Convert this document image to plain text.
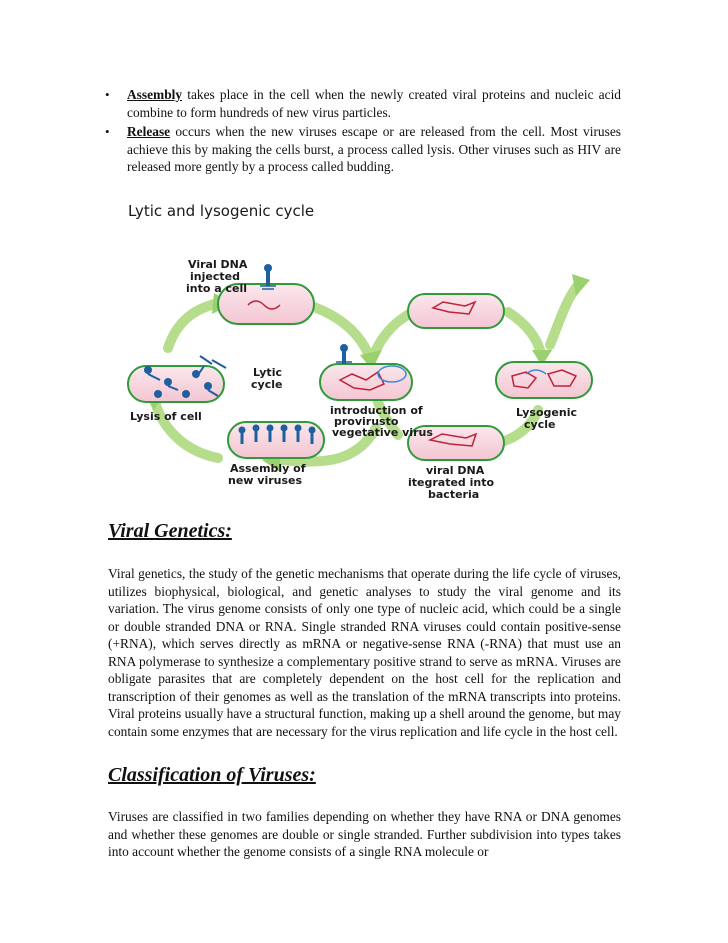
• Assembly takes place in the cell when the newly created viral proteins and nucleic acid combine to form hundreds of new virus particles.
• Release occurs when the new viruses escape or are released from the cell. Most viruses achieve this by making the cells burst, a process called lysis. Other viruses such as HIV are released more gently by a process called budding.
Lytic and lysogenic cycle
Viral DNA
injected
into a cell
Lytic
cycle
Lysis of cell	introduction of
provirusto
vegetative virus
Lysogenic
cycle
Assembly of
new viruses
viral DNA
itegrated into
bacteria
Viral Genetics:

Viral genetics, the study of the genetic mechanisms that operate during the life cycle of viruses, utilizes biophysical, biological, and genetic analyses to study the viral genome and its variation. The virus genome consists of only one type of nucleic acid, which could be a single or double stranded DNA or RNA. Single stranded RNA viruses could contain positive-sense (+RNA), which serves directly as mRNA or negative-sense RNA (-RNA) that must use an RNA polymerase to synthesize a complementary positive strand to serve as mRNA. Viruses are obligate parasites that are completely dependent on the host cell for the replication and transcription of their genomes as well as the translation of the mRNA transcripts into proteins. Viral proteins usually have a structural function, making up a shell around the genome, but may contain some enzymes that are necessary for the virus replication and life cycle in the host cell.

Classification of Viruses:

Viruses are classified in two families depending on whether they have RNA or DNA genomes and whether these genomes are double or single stranded. Further subdivision into types takes into account whether the genome consists of a single RNA molecule or
